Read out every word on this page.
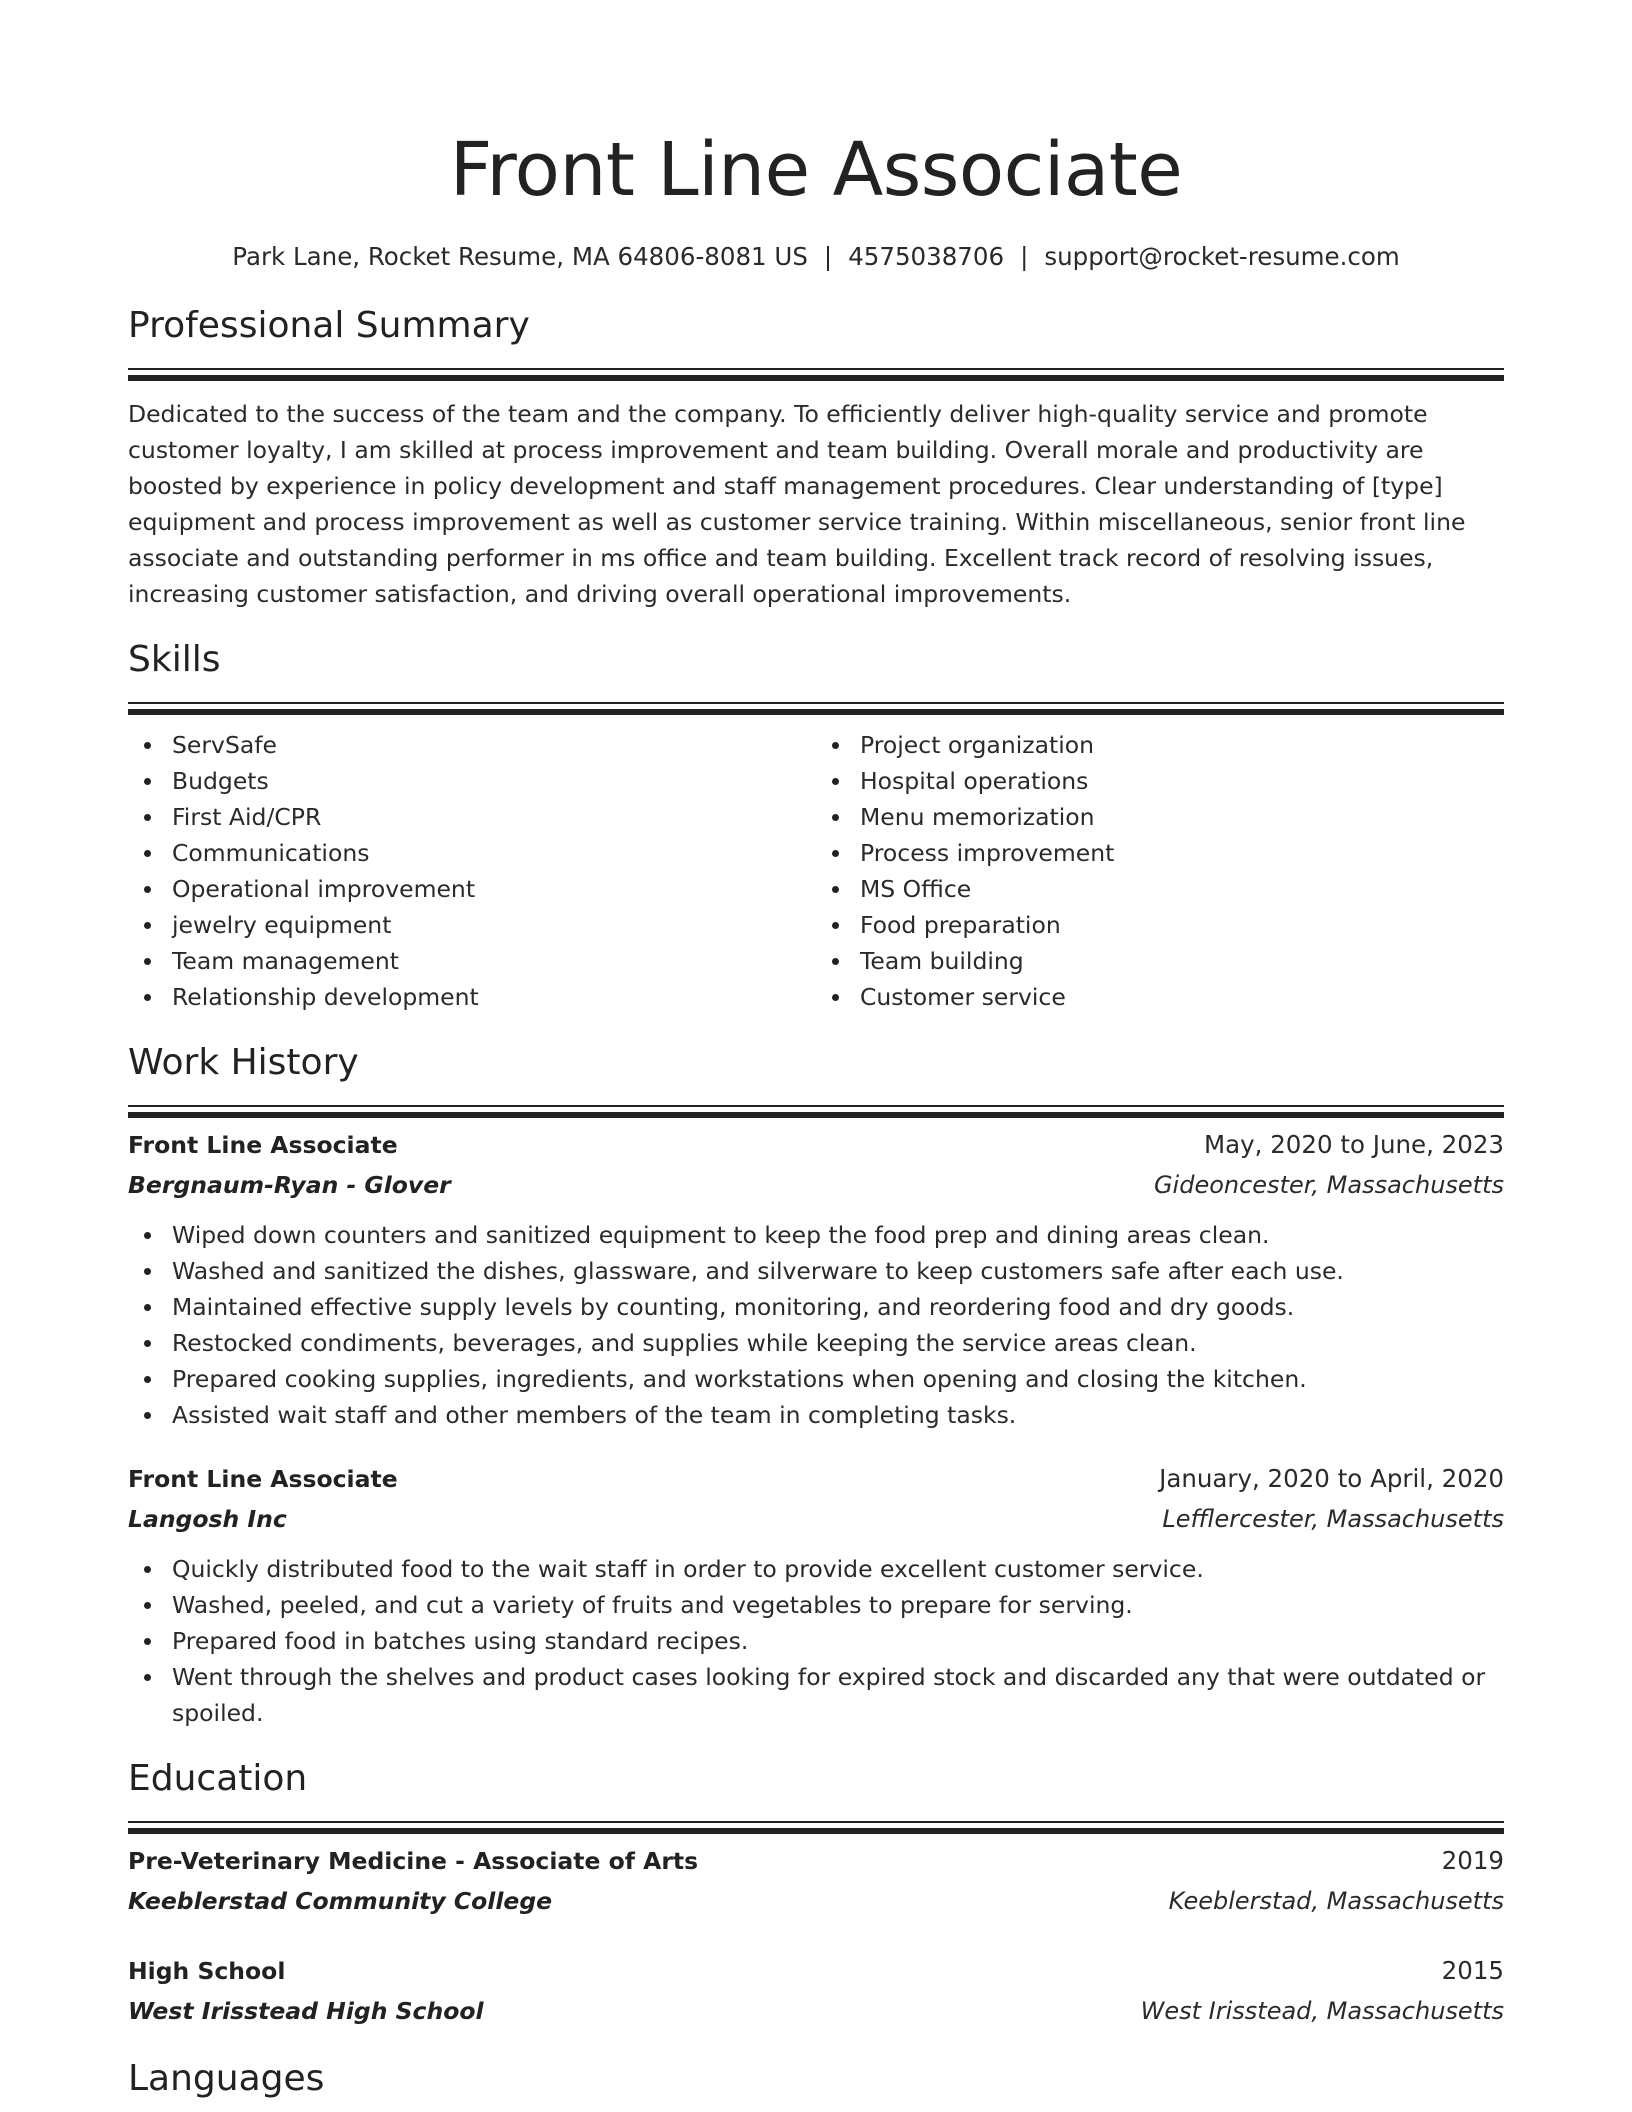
Front Line Associate
Park Lane, Rocket Resume, MA 64806-8081 US | 4575038706 | support@rocket-resume.com
Professional Summary
Dedicated to the success of the team and the company. To efficiently deliver high-quality service and promote customer loyalty, I am skilled at process improvement and team building. Overall morale and productivity are boosted by experience in policy development and staff management procedures. Clear understanding of [type] equipment and process improvement as well as customer service training. Within miscellaneous, senior front line associate and outstanding performer in ms office and team building. Excellent track record of resolving issues, increasing customer satisfaction, and driving overall operational improvements.
Skills
ServSafe
Budgets
First Aid/CPR
Communications
Operational improvement
jewelry equipment
Team management
Relationship development
Project organization
Hospital operations
Menu memorization
Process improvement
MS Office
Food preparation
Team building
Customer service
Work History
Front Line Associate	May, 2020 to June, 2023
Bergnaum-Ryan - Glover	Gideoncester, Massachusetts
Wiped down counters and sanitized equipment to keep the food prep and dining areas clean.
Washed and sanitized the dishes, glassware, and silverware to keep customers safe after each use.
Maintained effective supply levels by counting, monitoring, and reordering food and dry goods.
Restocked condiments, beverages, and supplies while keeping the service areas clean.
Prepared cooking supplies, ingredients, and workstations when opening and closing the kitchen.
Assisted wait staff and other members of the team in completing tasks.
Front Line Associate	January, 2020 to April, 2020
Langosh Inc	Lefflercester, Massachusetts
Quickly distributed food to the wait staff in order to provide excellent customer service.
Washed, peeled, and cut a variety of fruits and vegetables to prepare for serving.
Prepared food in batches using standard recipes.
Went through the shelves and product cases looking for expired stock and discarded any that were outdated or spoiled.
Education
Pre-Veterinary Medicine - Associate of Arts	2019
Keeblerstad Community College	Keeblerstad, Massachusetts
High School	2015
West Irisstead High School	West Irisstead, Massachusetts
Languages
